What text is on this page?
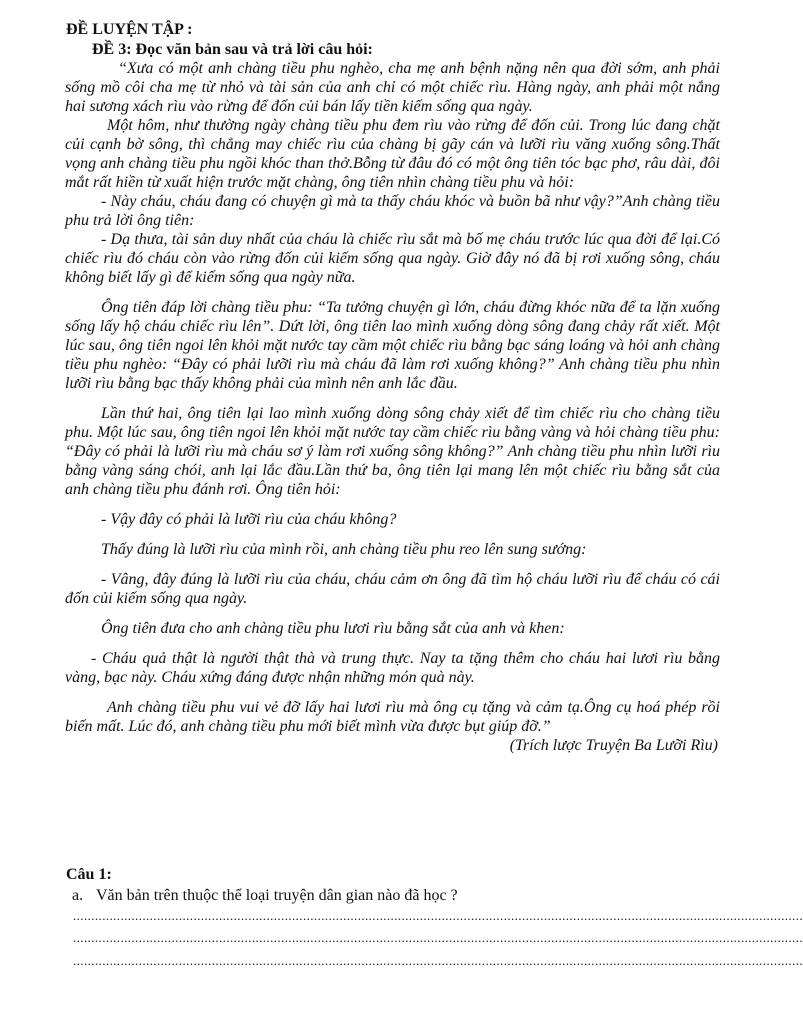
ĐỀ LUYỆN TẬP :
ĐỀ 3: Đọc văn bản sau và trả lời câu hỏi:

“Xưa có một anh chàng tiều phu nghèo, cha mẹ anh bệnh nặng nên qua đời sớm, anh phải sống mồ côi cha mẹ từ nhỏ và tài sản của anh chỉ có một chiếc rìu. Hàng ngày, anh phải một nắng hai sương xách rìu vào rừng để đốn củi bán lấy tiền kiếm sống qua ngày.

Một hôm, như thường ngày chàng tiều phu đem rìu vào rừng để đốn củi. Trong lúc đang chặt củi cạnh bờ sông, thì chẳng may chiếc rìu của chàng bị gãy cán và lưỡi rìu văng xuống sông.Thất vọng anh chàng tiều phu ngồi khóc than thở.Bỗng từ đâu đó có một ông tiên tóc bạc phơ, râu dài, đôi mắt rất hiền từ xuất hiện trước mặt chàng, ông tiên nhìn chàng tiều phu và hỏi:

- Này cháu, cháu đang có chuyện gì mà ta thấy cháu khóc và buồn bã như vậy?”Anh chàng tiều phu trả lời ông tiên:

- Dạ thưa, tài sản duy nhất của cháu là chiếc rìu sắt mà bố mẹ cháu trước lúc qua đời để lại.Có chiếc rìu đó cháu còn vào rừng đốn củi kiếm sống qua ngày. Giờ đây nó đã bị rơi xuống sông, cháu không biết lấy gì để kiếm sống qua ngày nữa.

Ông tiên đáp lời chàng tiều phu: “Ta tưởng chuyện gì lớn, cháu đừng khóc nữa để ta lặn xuống sống lấy hộ cháu chiếc rìu lên”. Dứt lời, ông tiên lao mình xuống dòng sông đang chảy rất xiết. Một lúc sau, ông tiên ngoi lên khỏi mặt nước tay cầm một chiếc rìu bằng bạc sáng loáng và hỏi anh chàng tiều phu nghèo: “Đây có phải lưỡi rìu mà cháu đã làm rơi xuống không?” Anh chàng tiều phu nhìn lưỡi rìu bằng bạc thấy không phải của mình nên anh lắc đầu.

Lần thứ hai, ông tiên lại lao mình xuống dòng sông chảy xiết để tìm chiếc rìu cho chàng tiều phu. Một lúc sau, ông tiên ngoi lên khỏi mặt nước tay cầm chiếc rìu bằng vàng và hỏi chàng tiều phu: “Đây có phải là lưỡi rìu mà cháu sơ ý làm rơi xuống sông không?” Anh chàng tiều phu nhìn lưỡi rìu bằng vàng sáng chói, anh lại lắc đầu.Lần thứ ba, ông tiên lại mang lên một chiếc rìu bằng sắt của anh chàng tiều phu đánh rơi. Ông tiên hỏi:

- Vậy đây có phải là lưỡi rìu của cháu không?

Thấy đúng là lưỡi rìu của mình rồi, anh chàng tiều phu reo lên sung sướng:

- Vâng, đây đúng là lưỡi rìu của cháu, cháu cảm ơn ông đã tìm hộ cháu lưỡi rìu để cháu có cái đốn củi kiếm sống qua ngày.

Ông tiên đưa cho anh chàng tiều phu lươi rìu bằng sắt của anh và khen:

- Cháu quả thật là người thật thà và trung thực. Nay ta tặng thêm cho cháu hai lươi rìu bằng vàng, bạc này. Cháu xứng đáng được nhận những món quà này.

Anh chàng tiều phu vui vẻ đỡ lấy hai lươi rìu mà ông cụ tặng và cảm tạ.Ông cụ hoá phép rồi biến mất. Lúc đó, anh chàng tiều phu mới biết mình vừa được bụt giúp đỡ.”

(Trích lược Truyện Ba Lưỡi Rìu)

Câu 1:
a. Văn bản trên thuộc thể loại truyện dân gian nào đã học ?
........................................................................................................................................................................................................
........................................................................................................................................................................................................
........................................................................................................................................................................................................
